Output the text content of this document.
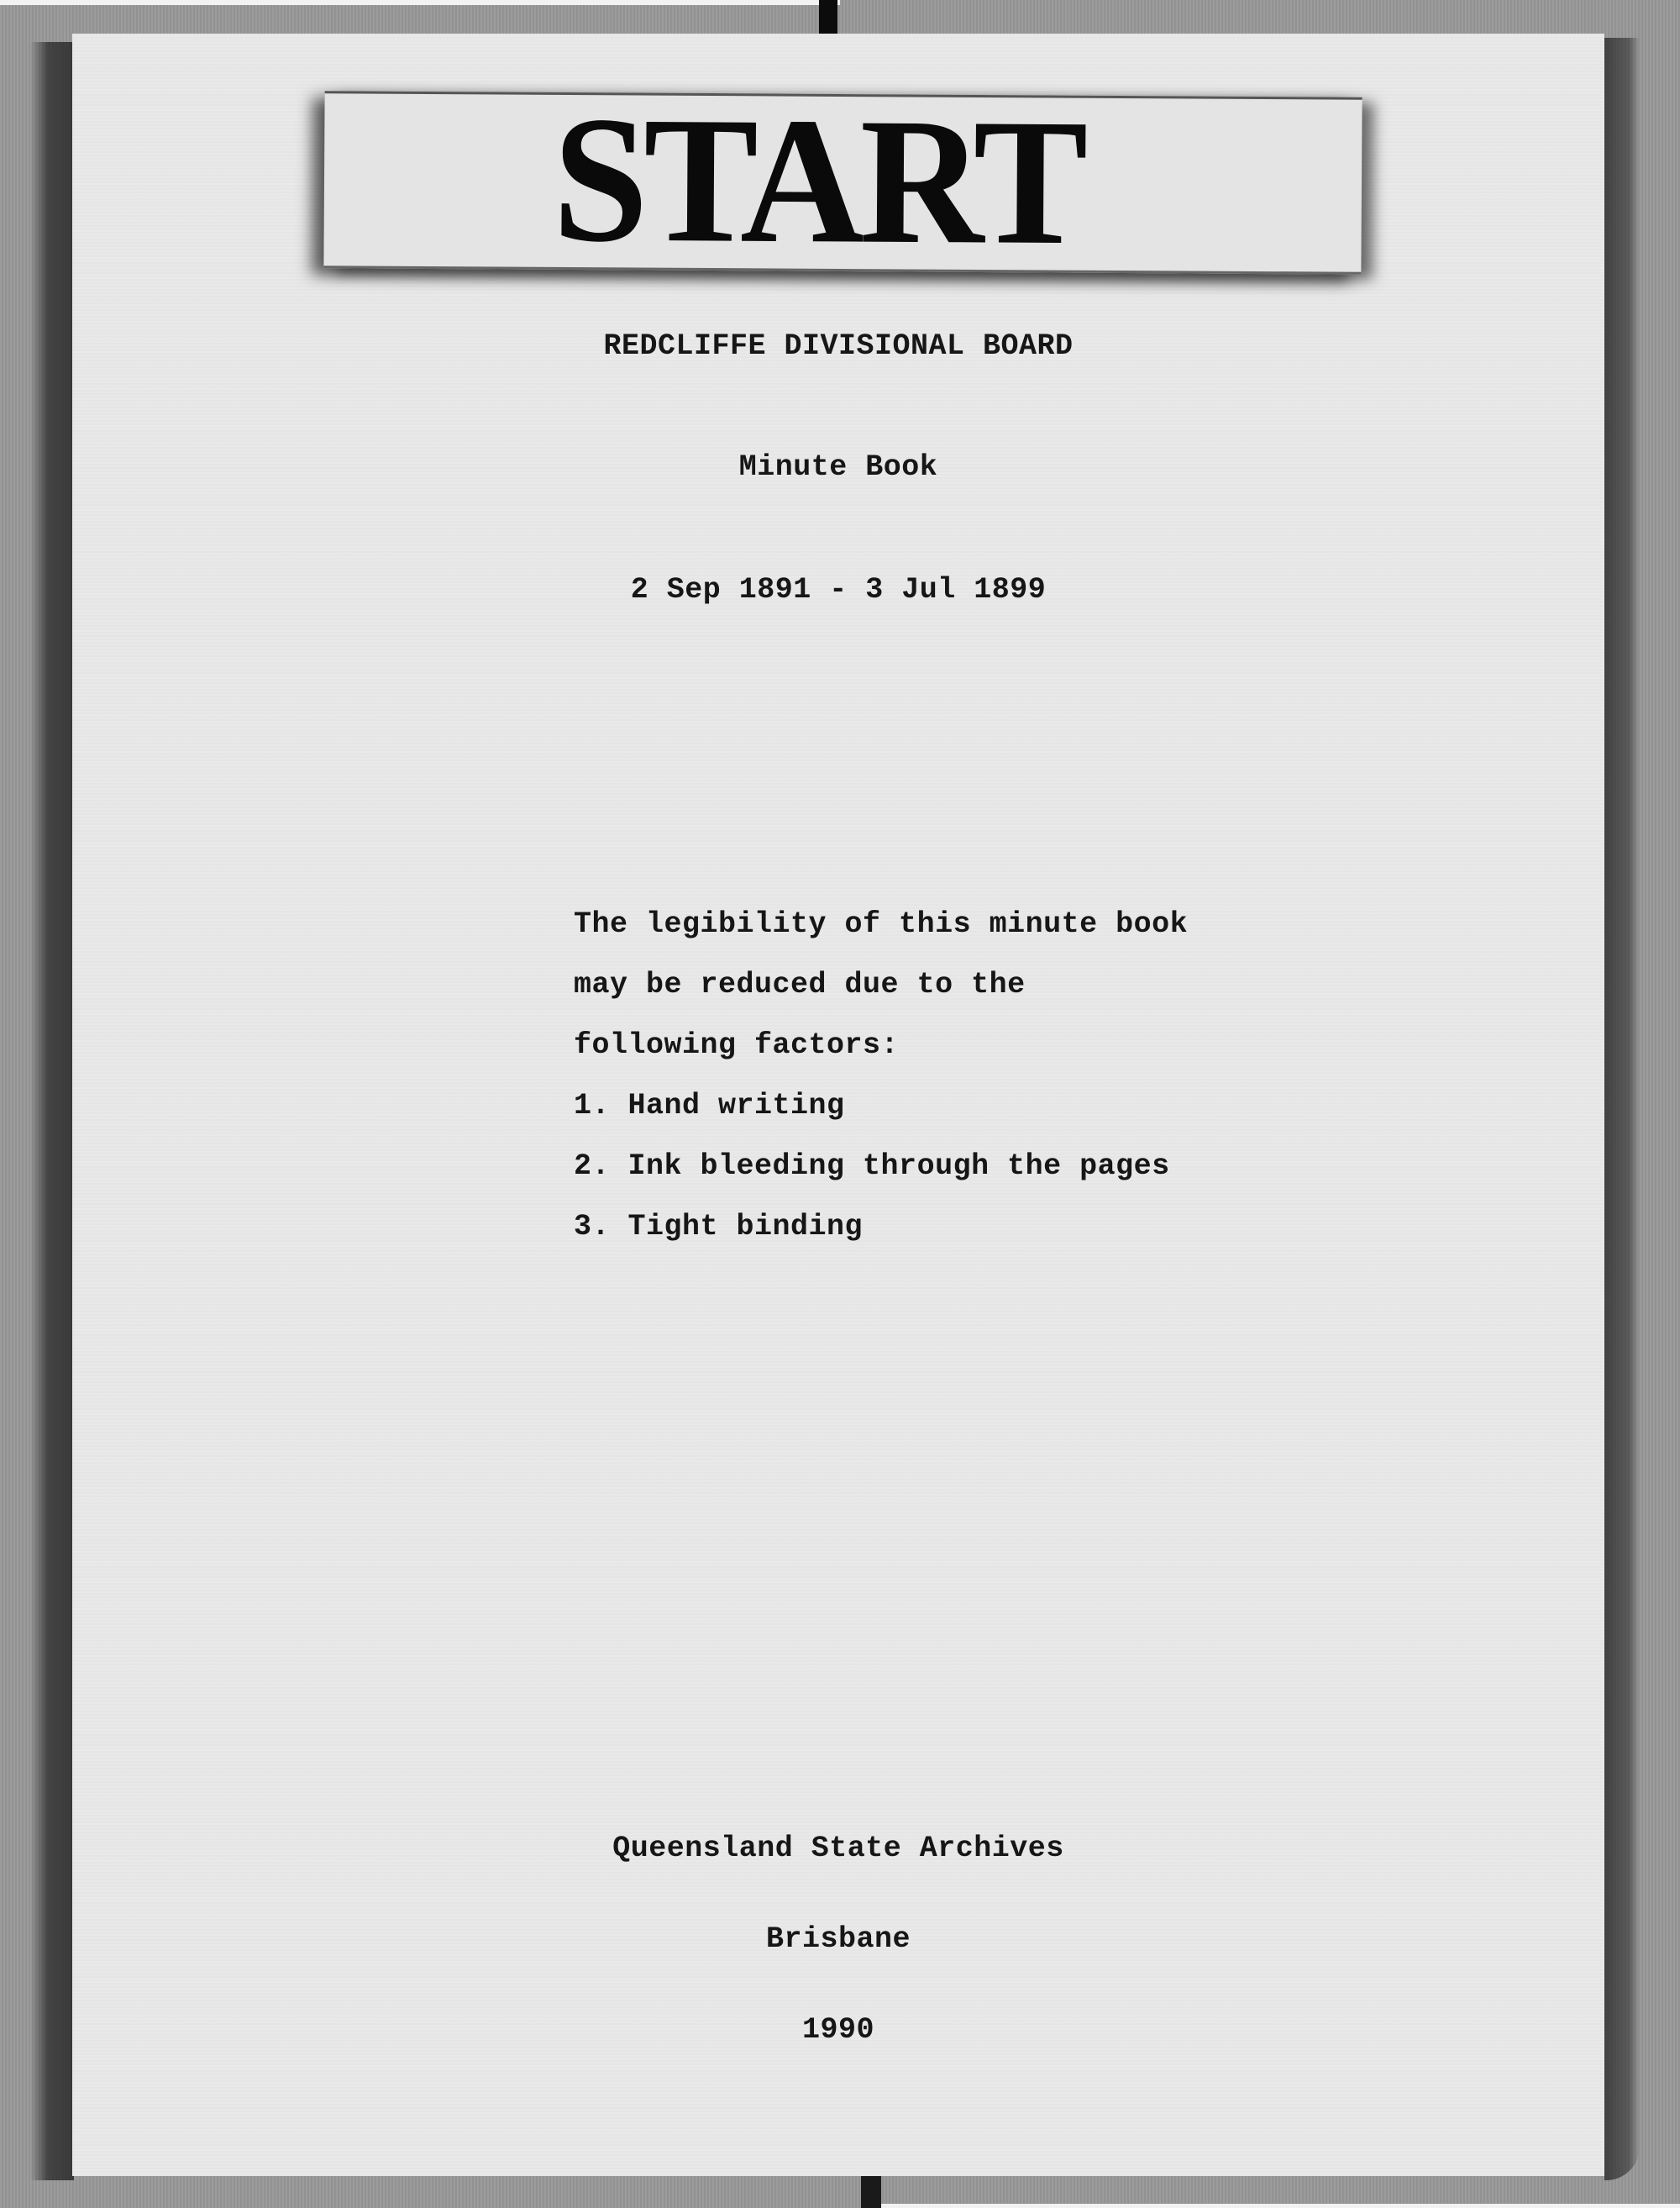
START
REDCLIFFE DIVISIONAL BOARD
Minute Book
2 Sep 1891 - 3 Jul 1899
The legibility of this minute book
may be reduced due to the
following factors:
1. Hand writing
2. Ink bleeding through the pages
3. Tight binding
Queensland State Archives
Brisbane
1990
